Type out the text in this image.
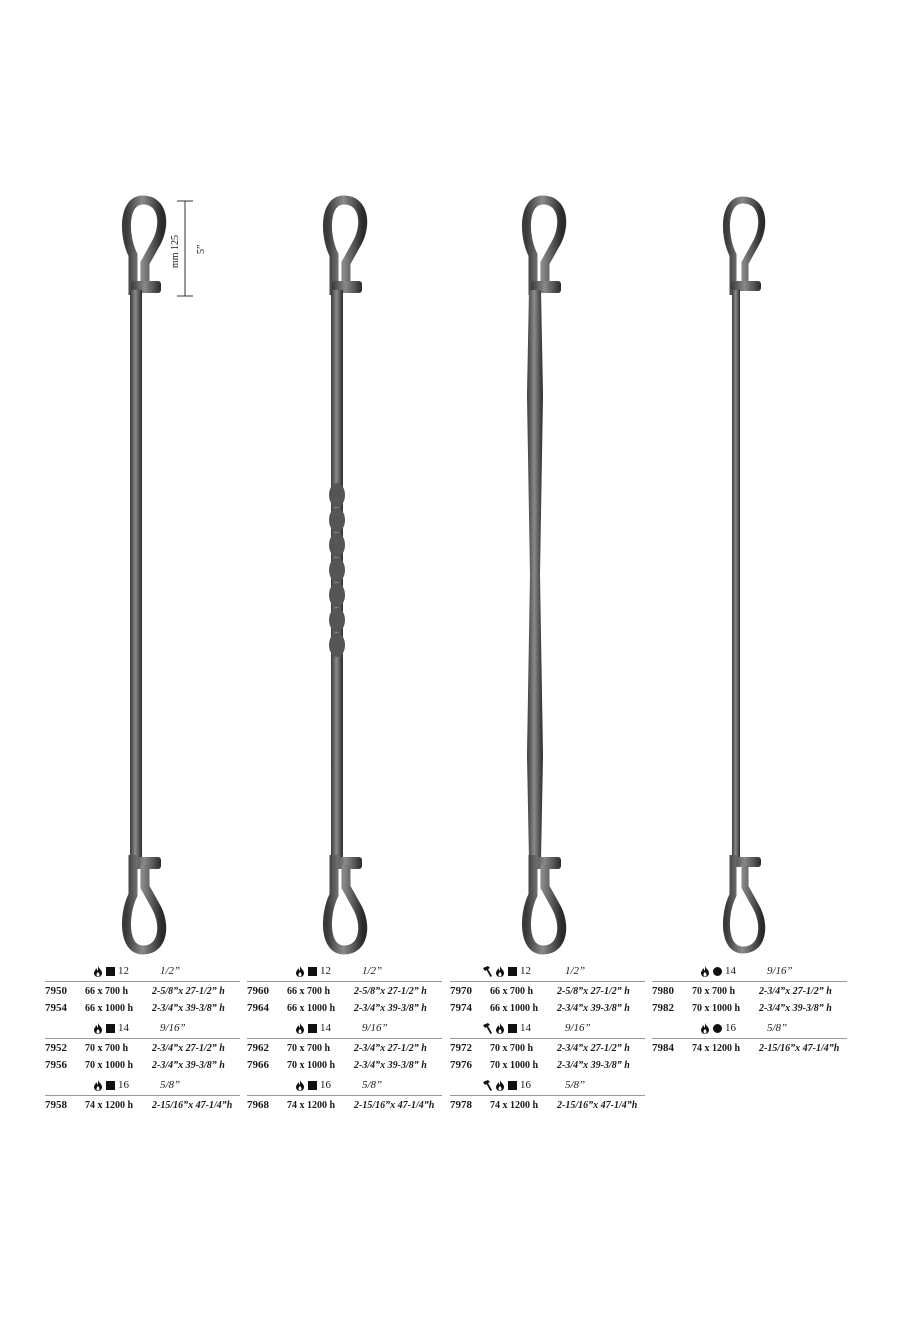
mm 125 5”
12	1/2”
7950 66 x 700 h 2-5/8”x 27-1/2” h
7954 66 x 1000 h 2-3/4”x 39-3/8” h
14	9/16”
7952 70 x 700 h 2-3/4”x 27-1/2” h
7956 70 x 1000 h 2-3/4”x 39-3/8” h
16	5/8”
7958 74 x 1200 h 2-15/16”x 47-1/4”h
12	1/2”
7960 66 x 700 h 2-5/8”x 27-1/2” h
7964 66 x 1000 h 2-3/4”x 39-3/8” h
14	9/16”
7962 70 x 700 h 2-3/4”x 27-1/2” h
7966 70 x 1000 h 2-3/4”x 39-3/8” h
16	5/8”
7968 74 x 1200 h 2-15/16”x 47-1/4”h
12	1/2”
7970 66 x 700 h 2-5/8”x 27-1/2” h
7974 66 x 1000 h 2-3/4”x 39-3/8” h
14	9/16”
7972 70 x 700 h 2-3/4”x 27-1/2” h
7976 70 x 1000 h 2-3/4”x 39-3/8” h
16	5/8”
7978 74 x 1200 h 2-15/16”x 47-1/4”h
14	9/16”
7980 70 x 700 h 2-3/4”x 27-1/2” h
7982 70 x 1000 h 2-3/4”x 39-3/8” h
16	5/8”
7984 74 x 1200 h 2-15/16”x 47-1/4”h
